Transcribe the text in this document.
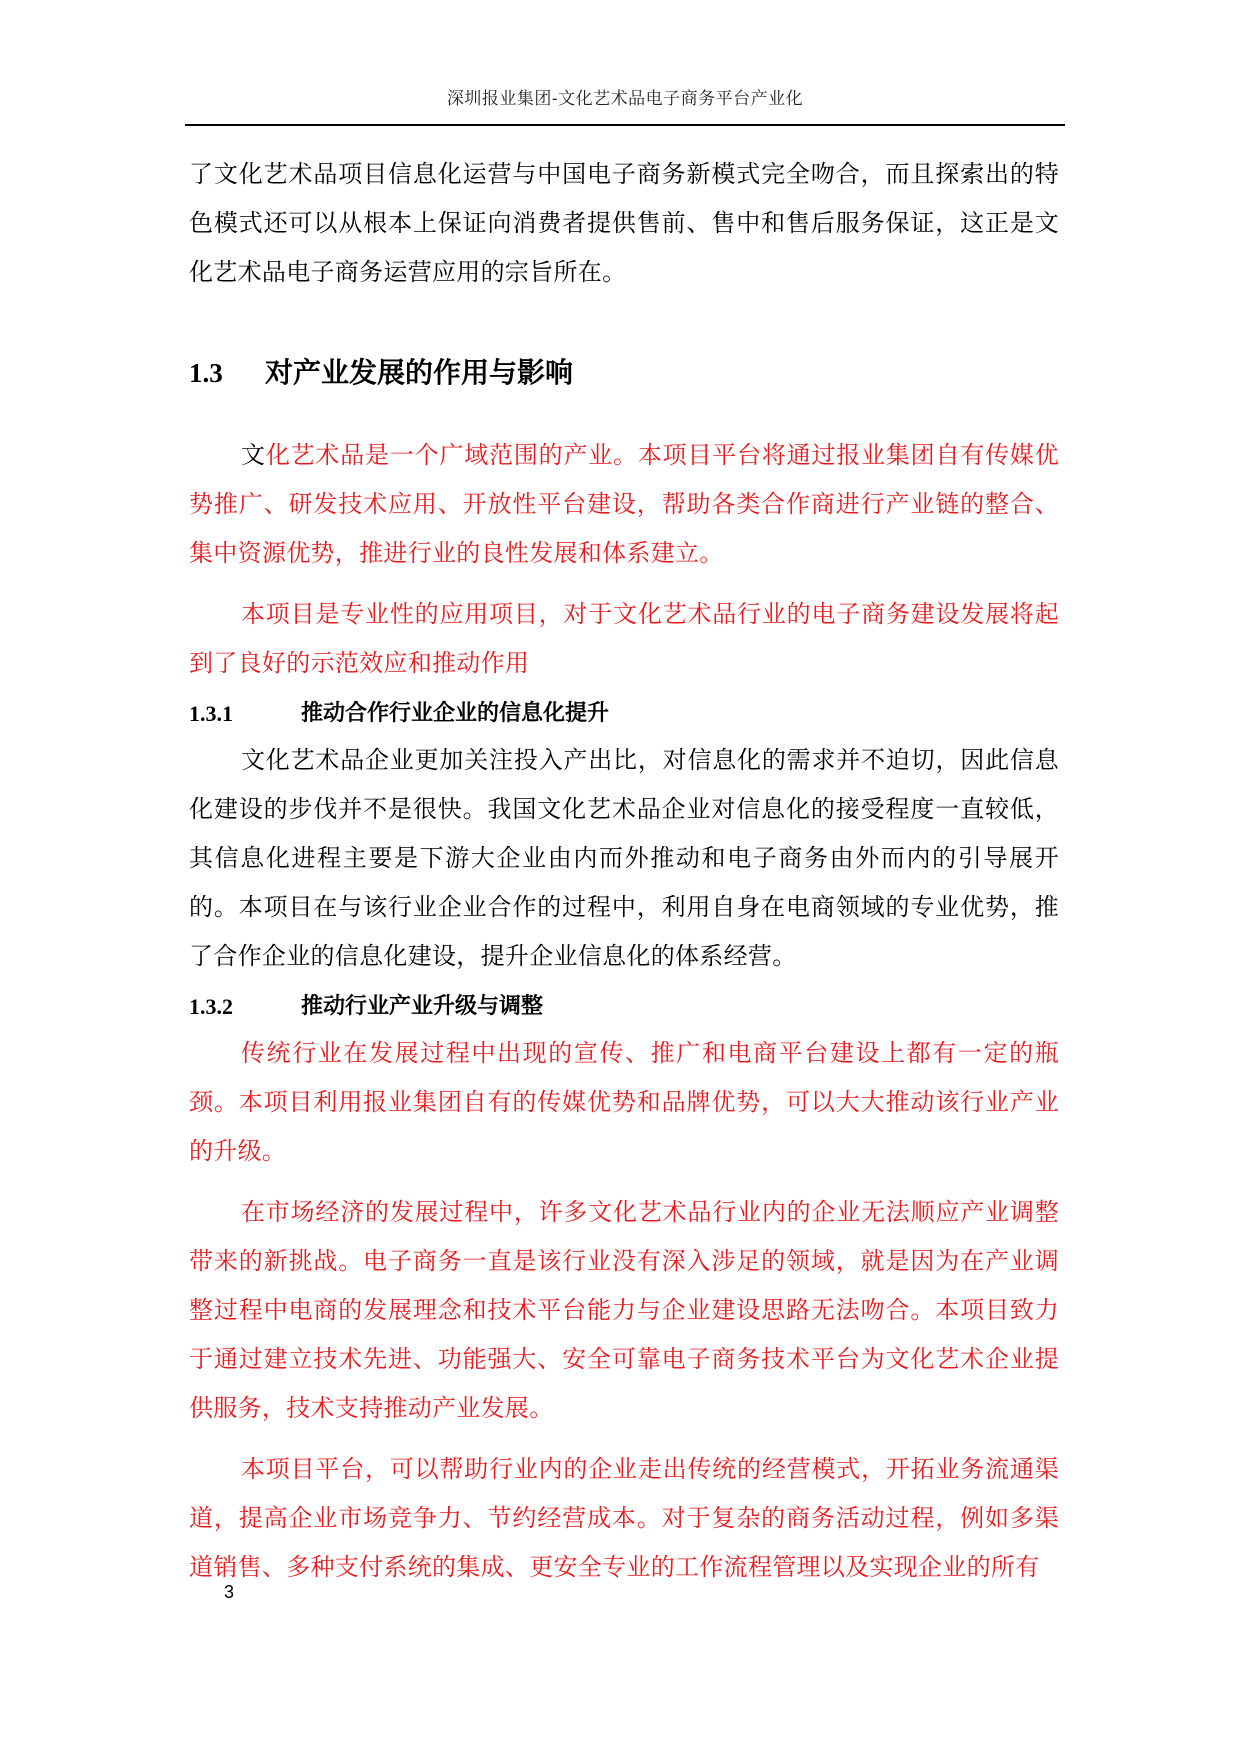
深圳报业集团-文化艺术品电子商务平台产业化

了文化艺术品项目信息化运营与中国电子商务新模式完全吻合，而且探索出的特色模式还可以从根本上保证向消费者提供售前、售中和售后服务保证，这正是文化艺术品电子商务运营应用的宗旨所在。

1.3	对产业发展的作用与影响

文化艺术品是一个广域范围的产业。本项目平台将通过报业集团自有传媒优势推广、研发技术应用、开放性平台建设，帮助各类合作商进行产业链的整合、集中资源优势，推进行业的良性发展和体系建立。

本项目是专业性的应用项目，对于文化艺术品行业的电子商务建设发展将起到了良好的示范效应和推动作用

1.3.1	推动合作行业企业的信息化提升

文化艺术品企业更加关注投入产出比，对信息化的需求并不迫切，因此信息化建设的步伐并不是很快。我国文化艺术品企业对信息化的接受程度一直较低，其信息化进程主要是下游大企业由内而外推动和电子商务由外而内的引导展开的。本项目在与该行业企业合作的过程中，利用自身在电商领域的专业优势，推了合作企业的信息化建设，提升企业信息化的体系经营。

1.3.2	推动行业产业升级与调整

传统行业在发展过程中出现的宣传、推广和电商平台建设上都有一定的瓶颈。本项目利用报业集团自有的传媒优势和品牌优势，可以大大推动该行业产业的升级。

在市场经济的发展过程中，许多文化艺术品行业内的企业无法顺应产业调整带来的新挑战。电子商务一直是该行业没有深入涉足的领域，就是因为在产业调整过程中电商的发展理念和技术平台能力与企业建设思路无法吻合。本项目致力于通过建立技术先进、功能强大、安全可靠电子商务技术平台为文化艺术企业提供服务，技术支持推动产业发展。

本项目平台，可以帮助行业内的企业走出传统的经营模式，开拓业务流通渠道，提高企业市场竞争力、节约经营成本。对于复杂的商务活动过程，例如多渠道销售、多种支付系统的集成、更安全专业的工作流程管理以及实现企业的所有

3
